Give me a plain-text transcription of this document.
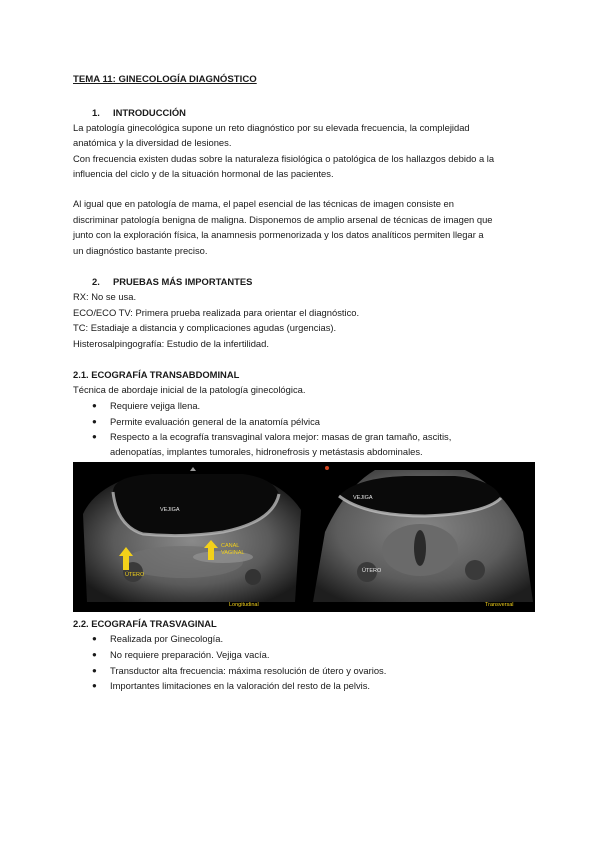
TEMA 11: GINECOLOGÍA DIAGNÓSTICO
1. INTRODUCCIÓN
La patología ginecológica supone un reto diagnóstico por su elevada frecuencia, la complejidad
anatómica y la diversidad de lesiones.
Con frecuencia existen dudas sobre la naturaleza fisiológica o patológica de los hallazgos debido a la
influencia del ciclo y de la situación hormonal de las pacientes.
Al igual que en patología de mama, el papel esencial de las técnicas de imagen consiste en
discriminar patología benigna de maligna. Disponemos de amplio arsenal de técnicas de imagen que
junto con la exploración física, la anamnesis pormenorizada y los datos analíticos permiten llegar a
un diagnóstico bastante preciso.
2. PRUEBAS MÁS IMPORTANTES
RX: No se usa.
ECO/ECO TV: Primera prueba realizada para orientar el diagnóstico.
TC: Estadiaje a distancia y complicaciones agudas (urgencias).
Histerosalpingografía: Estudio de la infertilidad.
2.1. ECOGRAFÍA TRANSABDOMINAL
Técnica de abordaje inicial de la patología ginecológica.
● Requiere vejiga llena.
● Permite evaluación general de la anatomía pélvica
● Respecto a la ecografía transvaginal valora mejor: masas de gran tamaño, ascitis,
adenopatías, implantes tumorales, hidronefrosis y metástasis abdominales.
VEJIGA
ÚTERO
CANAL
VAGINAL
Longitudinal
VEJIGA
ÚTERO
Transversal
2.2. ECOGRAFÍA TRASVAGINAL
● Realizada por Ginecología.
● No requiere preparación. Vejiga vacía.
● Transductor alta frecuencia: máxima resolución de útero y ovarios.
● Importantes limitaciones en la valoración del resto de la pelvis.
